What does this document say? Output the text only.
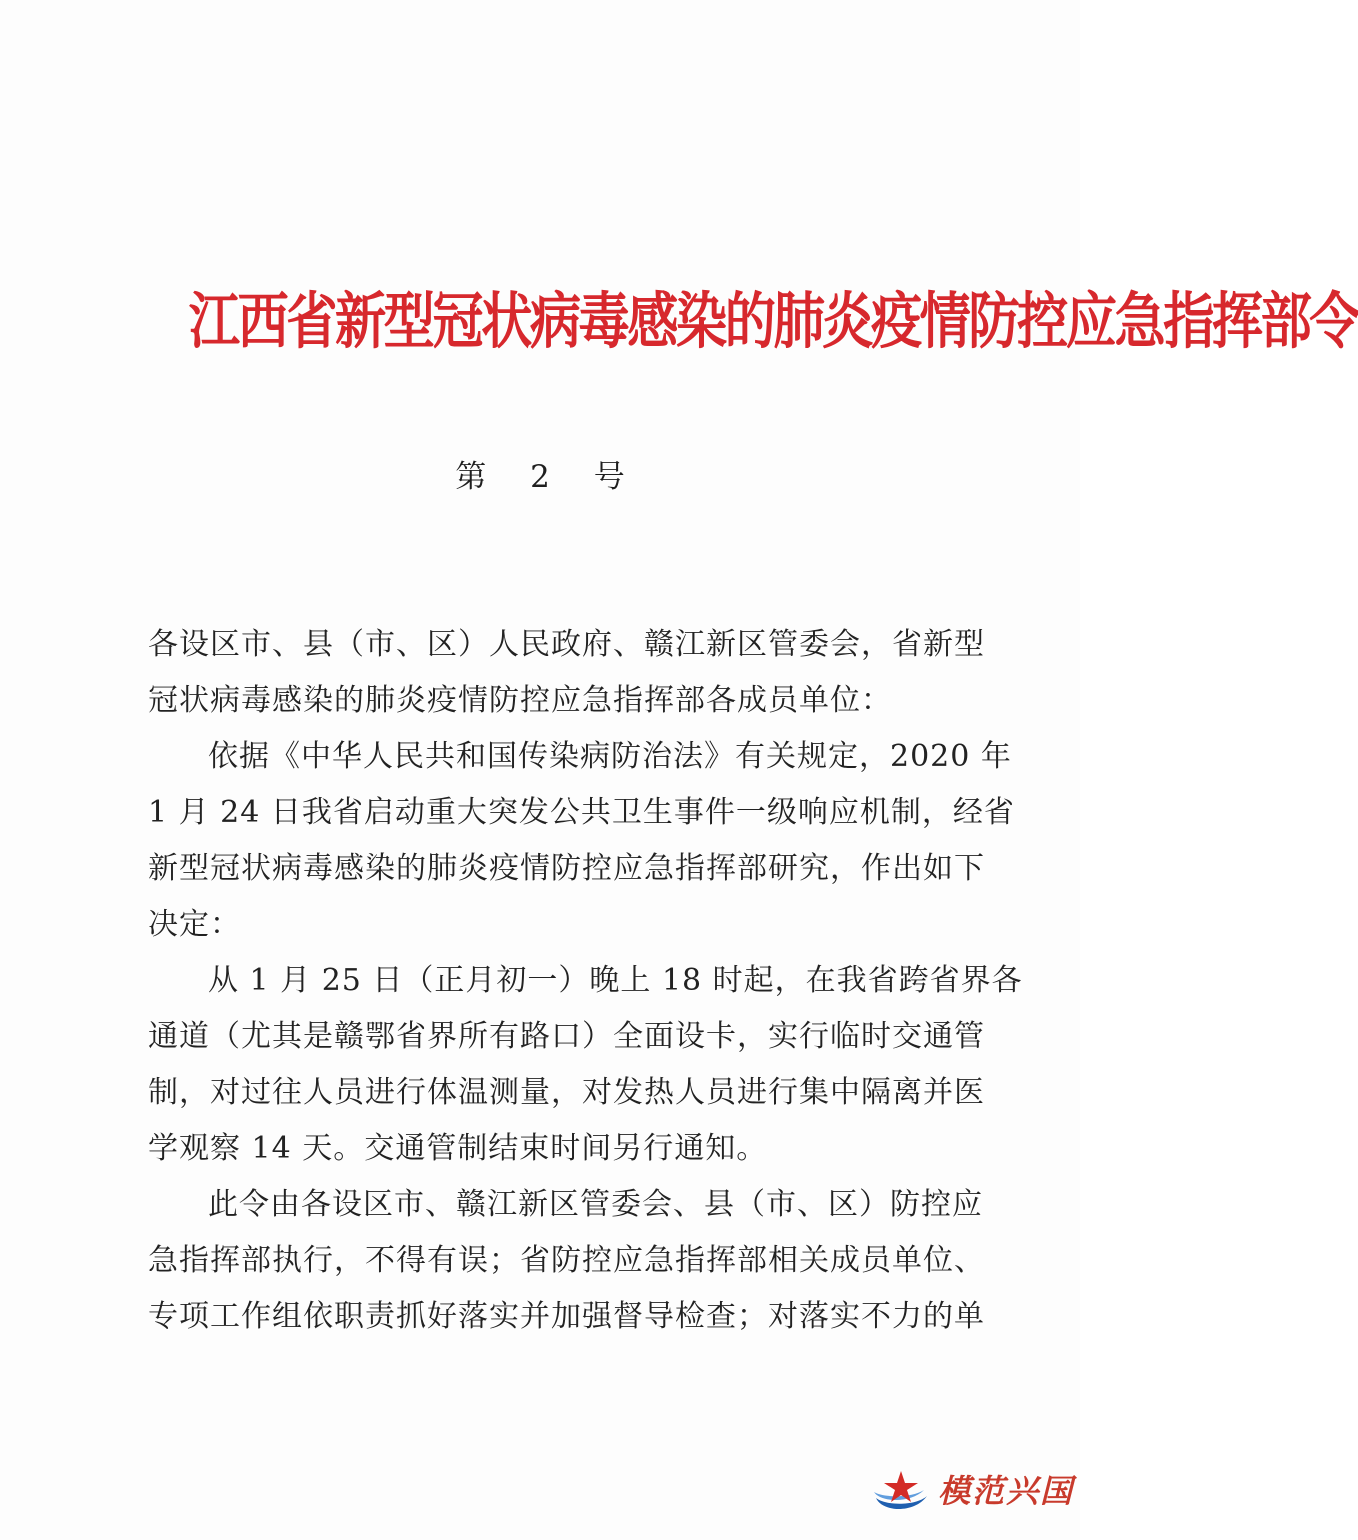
江西省新型冠状病毒感染的肺炎疫情防控应急指挥部令
第 2 号
各设区市、县（市、区）人民政府、赣江新区管委会，省新型
冠状病毒感染的肺炎疫情防控应急指挥部各成员单位：
依据《中华人民共和国传染病防治法》有关规定，2020 年
1 月 24 日我省启动重大突发公共卫生事件一级响应机制，经省
新型冠状病毒感染的肺炎疫情防控应急指挥部研究，作出如下
决定：
从 1 月 25 日（正月初一）晚上 18 时起，在我省跨省界各
通道（尤其是赣鄂省界所有路口）全面设卡，实行临时交通管
制，对过往人员进行体温测量，对发热人员进行集中隔离并医
学观察 14 天。交通管制结束时间另行通知。
此令由各设区市、赣江新区管委会、县（市、区）防控应
急指挥部执行，不得有误；省防控应急指挥部相关成员单位、
专项工作组依职责抓好落实并加强督导检查；对落实不力的单
模范兴国
